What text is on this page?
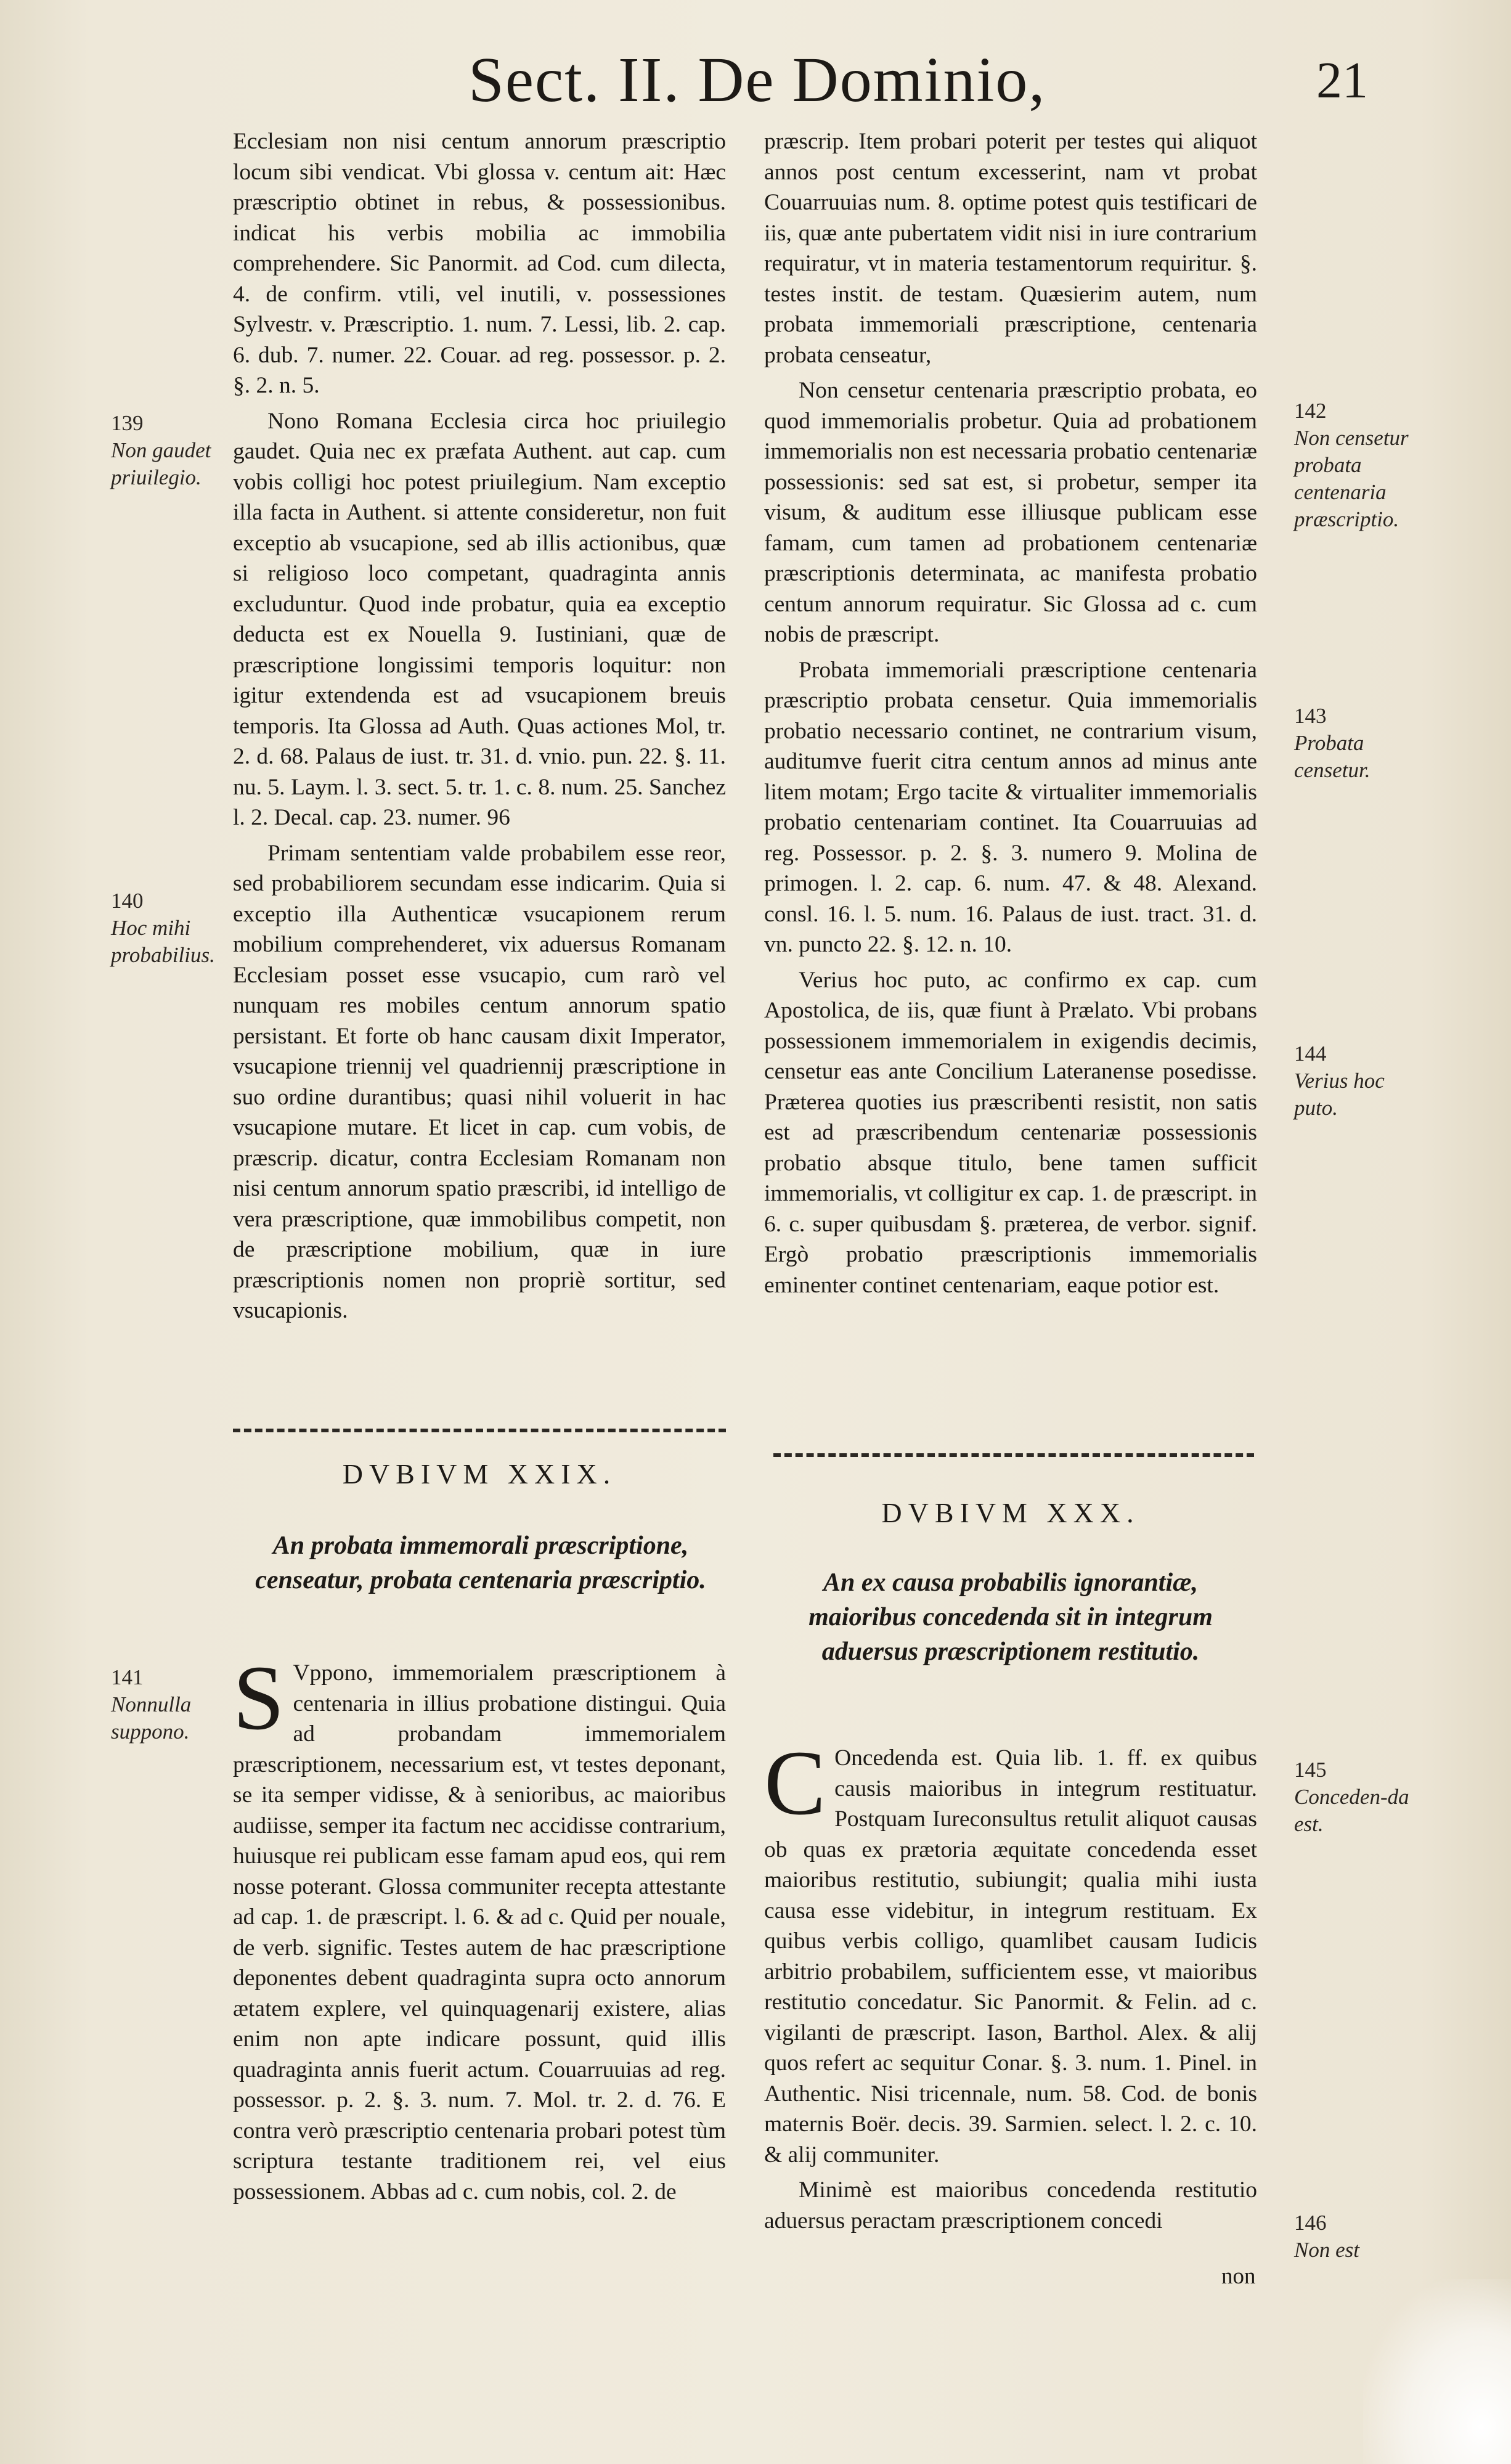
Sect. II. De Dominio,	21

Ecclesiam non nisi centum annorum præscriptio locum sibi vendicat. Vbi glossa v. centum ait: Hæc præscriptio obtinet in rebus, & possessionibus. indicat his verbis mobilia ac immobilia comprehendere. Sic Panormit. ad Cod. cum dilecta, 4. de confirm. vtili, vel inutili, v. possessiones Sylvestr. v. Præscriptio. 1. num. 7. Lessi, lib. 2. cap. 6. dub. 7. numer. 22. Couar. ad reg. possessor. p. 2. §. 2. n. 5.

Nono Romana Ecclesia circa hoc priuilegio gaudet. Quia nec ex præfata Authent. aut cap. cum vobis colligi hoc potest priuilegium. Nam exceptio illa facta in Authent. si attente consideretur, non fuit exceptio ab vsucapione, sed ab illis actionibus, quæ si religioso loco competant, quadraginta annis excluduntur. Quod inde probatur, quia ea exceptio deducta est ex Nouella 9. Iustiniani, quæ de præscriptione longissimi temporis loquitur: non igitur extendenda est ad vsucapionem breuis temporis. Ita Glossa ad Auth. Quas actiones Mol, tr. 2. d. 68. Palaus de iust. tr. 31. d. vnio. pun. 22. §. 11. nu. 5. Laym. l. 3. sect. 5. tr. 1. c. 8. num. 25. Sanchez l. 2. Decal. cap. 23. numer. 96

Primam sententiam valde probabilem esse reor, sed probabiliorem secundam esse indicarim. Quia si exceptio illa Authenticæ vsucapionem rerum mobilium comprehenderet, vix aduersus Romanam Ecclesiam posset esse vsucapio, cum rarò vel nunquam res mobiles centum annorum spatio persistant. Et forte ob hanc causam dixit Imperator, vsucapione triennij vel quadriennij præscriptione in suo ordine durantibus; quasi nihil voluerit in hac vsucapione mutare. Et licet in cap. cum vobis, de præscrip. dicatur, contra Ecclesiam Romanam non nisi centum annorum spatio præscribi, id intelligo de vera præscriptione, quæ immobilibus competit, non de præscriptione mobilium, quæ in iure præscriptionis nomen non propriè sortitur, sed vsucapionis.

DVBIVM XXIX.
An probata immemorali præscriptione, censeatur, probata centenaria præscriptio.

S Vppono, immemorialem præscriptionem à centenaria in illius probatione distingui. Quia ad probandam immemorialem præscriptionem, necessarium est, vt testes deponant, se ita semper vidisse, & à senioribus, ac maioribus audiisse, semper ita factum nec accidisse contrarium, huiusque rei publicam esse famam apud eos, qui rem nosse poterant. Glossa communiter recepta attestante ad cap. 1. de præscript. l. 6. & ad c. Quid per nouale, de verb. signific. Testes autem de hac præscriptione deponentes debent quadraginta supra octo annorum ætatem explere, vel quinquagenarij existere, alias enim non apte indicare possunt, quid illis quadraginta annis fuerit actum. Couarruuias ad reg. possessor. p. 2. §. 3. num. 7. Mol. tr. 2. d. 76. E contra verò præscriptio centenaria probari potest tùm scriptura testante traditionem rei, vel eius possessionem. Abbas ad c. cum nobis, col. 2. de

præscrip. Item probari poterit per testes qui aliquot annos post centum excesserint, nam vt probat Couarruuias num. 8. optime potest quis testificari de iis, quæ ante pubertatem vidit nisi in iure contrarium requiratur, vt in materia testamentorum requiritur. §. testes instit. de testam. Quæsierim autem, num probata immemoriali præscriptione, centenaria probata censeatur,

Non censetur centenaria præscriptio probata, eo quod immemorialis probetur. Quia ad probationem immemorialis non est necessaria probatio centenariæ possessionis: sed sat est, si probetur, semper ita visum, & auditum esse illiusque publicam esse famam, cum tamen ad probationem centenariæ præscriptionis determinata, ac manifesta probatio centum annorum requiratur. Sic Glossa ad c. cum nobis de præscript.

Probata immemoriali præscriptione centenaria præscriptio probata censetur. Quia immemorialis probatio necessario continet, ne contrarium visum, auditumve fuerit citra centum annos ad minus ante litem motam; Ergo tacite & virtualiter immemorialis probatio centenariam continet. Ita Couarruuias ad reg. Possessor. p. 2. §. 3. numero 9. Molina de primogen. l. 2. cap. 6. num. 47. & 48. Alexand. consl. 16. l. 5. num. 16. Palaus de iust. tract. 31. d. vn. puncto 22. §. 12. n. 10.

Verius hoc puto, ac confirmo ex cap. cum Apostolica, de iis, quæ fiunt à Prælato. Vbi probans possessionem immemorialem in exigendis decimis, censetur eas ante Concilium Lateranense posedisse. Præterea quoties ius præscribenti resistit, non satis est ad præscribendum centenariæ possessionis probatio absque titulo, bene tamen sufficit immemorialis, vt colligitur ex cap. 1. de præscript. in 6. c. super quibusdam §. præterea, de verbor. signif. Ergò probatio præscriptionis immemorialis eminenter continet centenariam, eaque potior est.

DVBIVM XXX.
An ex causa probabilis ignorantiæ, maioribus concedenda sit in integrum aduersus præscriptionem restitutio.

C Oncedenda est. Quia lib. 1. ff. ex quibus causis maioribus in integrum restituatur. Postquam Iureconsultus retulit aliquot causas ob quas ex prætoria æquitate concedenda esset maioribus restitutio, subiungit; qualia mihi iusta causa esse videbitur, in integrum restituam. Ex quibus verbis colligo, quamlibet causam Iudicis arbitrio probabilem, sufficientem esse, vt maioribus restitutio concedatur. Sic Panormit. & Felin. ad c. vigilanti de præscript. Iason, Barthol. Alex. & alij quos refert ac sequitur Conar. §. 3. num. 1. Pinel. in Authentic. Nisi tricennale, num. 58. Cod. de bonis maternis Boër. decis. 39. Sarmien. select. l. 2. c. 10. & alij communiter.

Minimè est maioribus concedenda restitutio aduersus peractam præscriptionem concedi

non
139
Non gaudet priuilegio.
140
Hoc mihi probabilius.
141
Nonnulla suppono.
142
Non censetur probata centenaria præscriptio.
143
Probata censetur.
144
Verius hoc puto.
145
Conceden-da est.
146
Non est
